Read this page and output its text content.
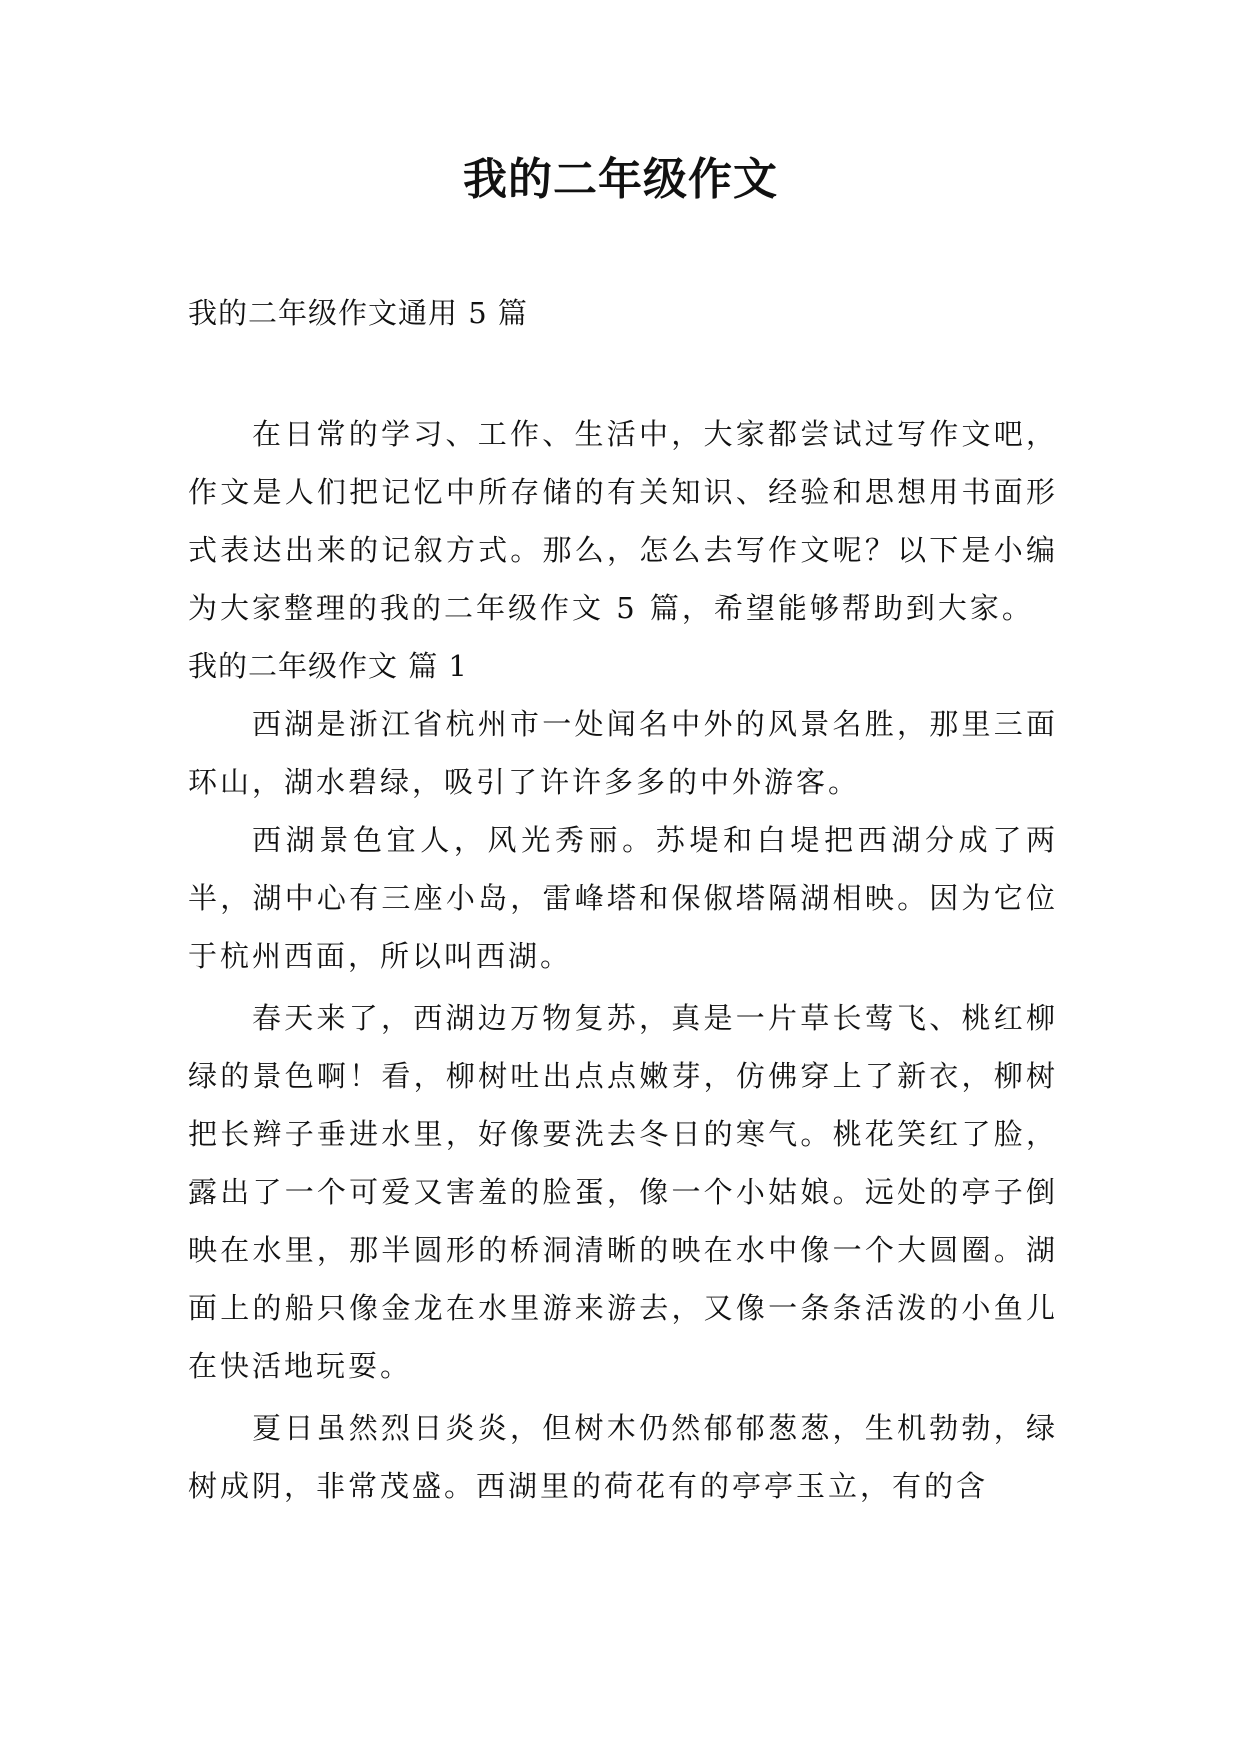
我的二年级作文

我的二年级作文通用 5 篇

在日常的学习、工作、生活中，大家都尝试过写作文吧，作文是人们把记忆中所存储的有关知识、经验和思想用书面形式表达出来的记叙方式。那么，怎么去写作文呢？以下是小编为大家整理的我的二年级作文 5 篇，希望能够帮助到大家。

我的二年级作文 篇 1

西湖是浙江省杭州市一处闻名中外的风景名胜，那里三面环山，湖水碧绿，吸引了许许多多的中外游客。

西湖景色宜人，风光秀丽。苏堤和白堤把西湖分成了两半，湖中心有三座小岛，雷峰塔和保俶塔隔湖相映。因为它位于杭州西面，所以叫西湖。

春天来了，西湖边万物复苏，真是一片草长莺飞、桃红柳绿的景色啊！看，柳树吐出点点嫩芽，仿佛穿上了新衣，柳树把长辫子垂进水里，好像要洗去冬日的寒气。桃花笑红了脸，露出了一个可爱又害羞的脸蛋，像一个小姑娘。远处的亭子倒映在水里，那半圆形的桥洞清晰的映在水中像一个大圆圈。湖面上的船只像金龙在水里游来游去，又像一条条活泼的小鱼儿在快活地玩耍。

夏日虽然烈日炎炎，但树木仍然郁郁葱葱，生机勃勃，绿树成阴，非常茂盛。西湖里的荷花有的亭亭玉立，有的含
